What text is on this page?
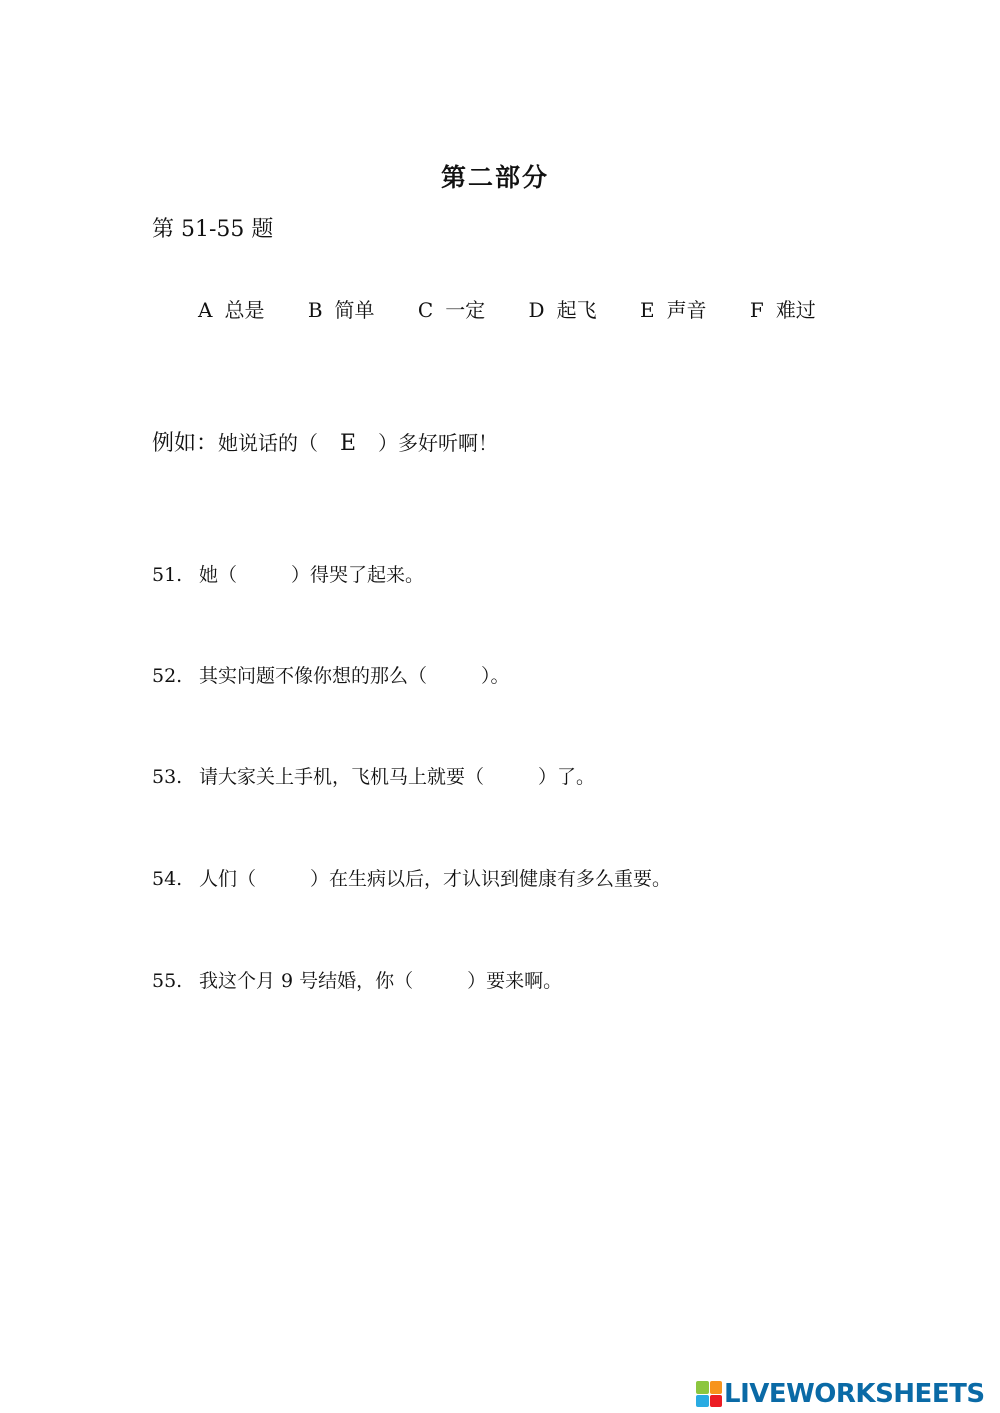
第二部分
第 51-55 题
A 总是 B 简单 C 一定 D 起飞 E 声音 F 难过
例如：她说话的（ E ）多好听啊！
51. 她（	）得哭了起来。
52. 其实问题不像你想的那么（	）。
53. 请大家关上手机，飞机马上就要（	）了。
54. 人们（	）在生病以后，才认识到健康有多么重要。
55. 我这个月 9 号结婚，你（	）要来啊。
LIVEWORKSHEETS
